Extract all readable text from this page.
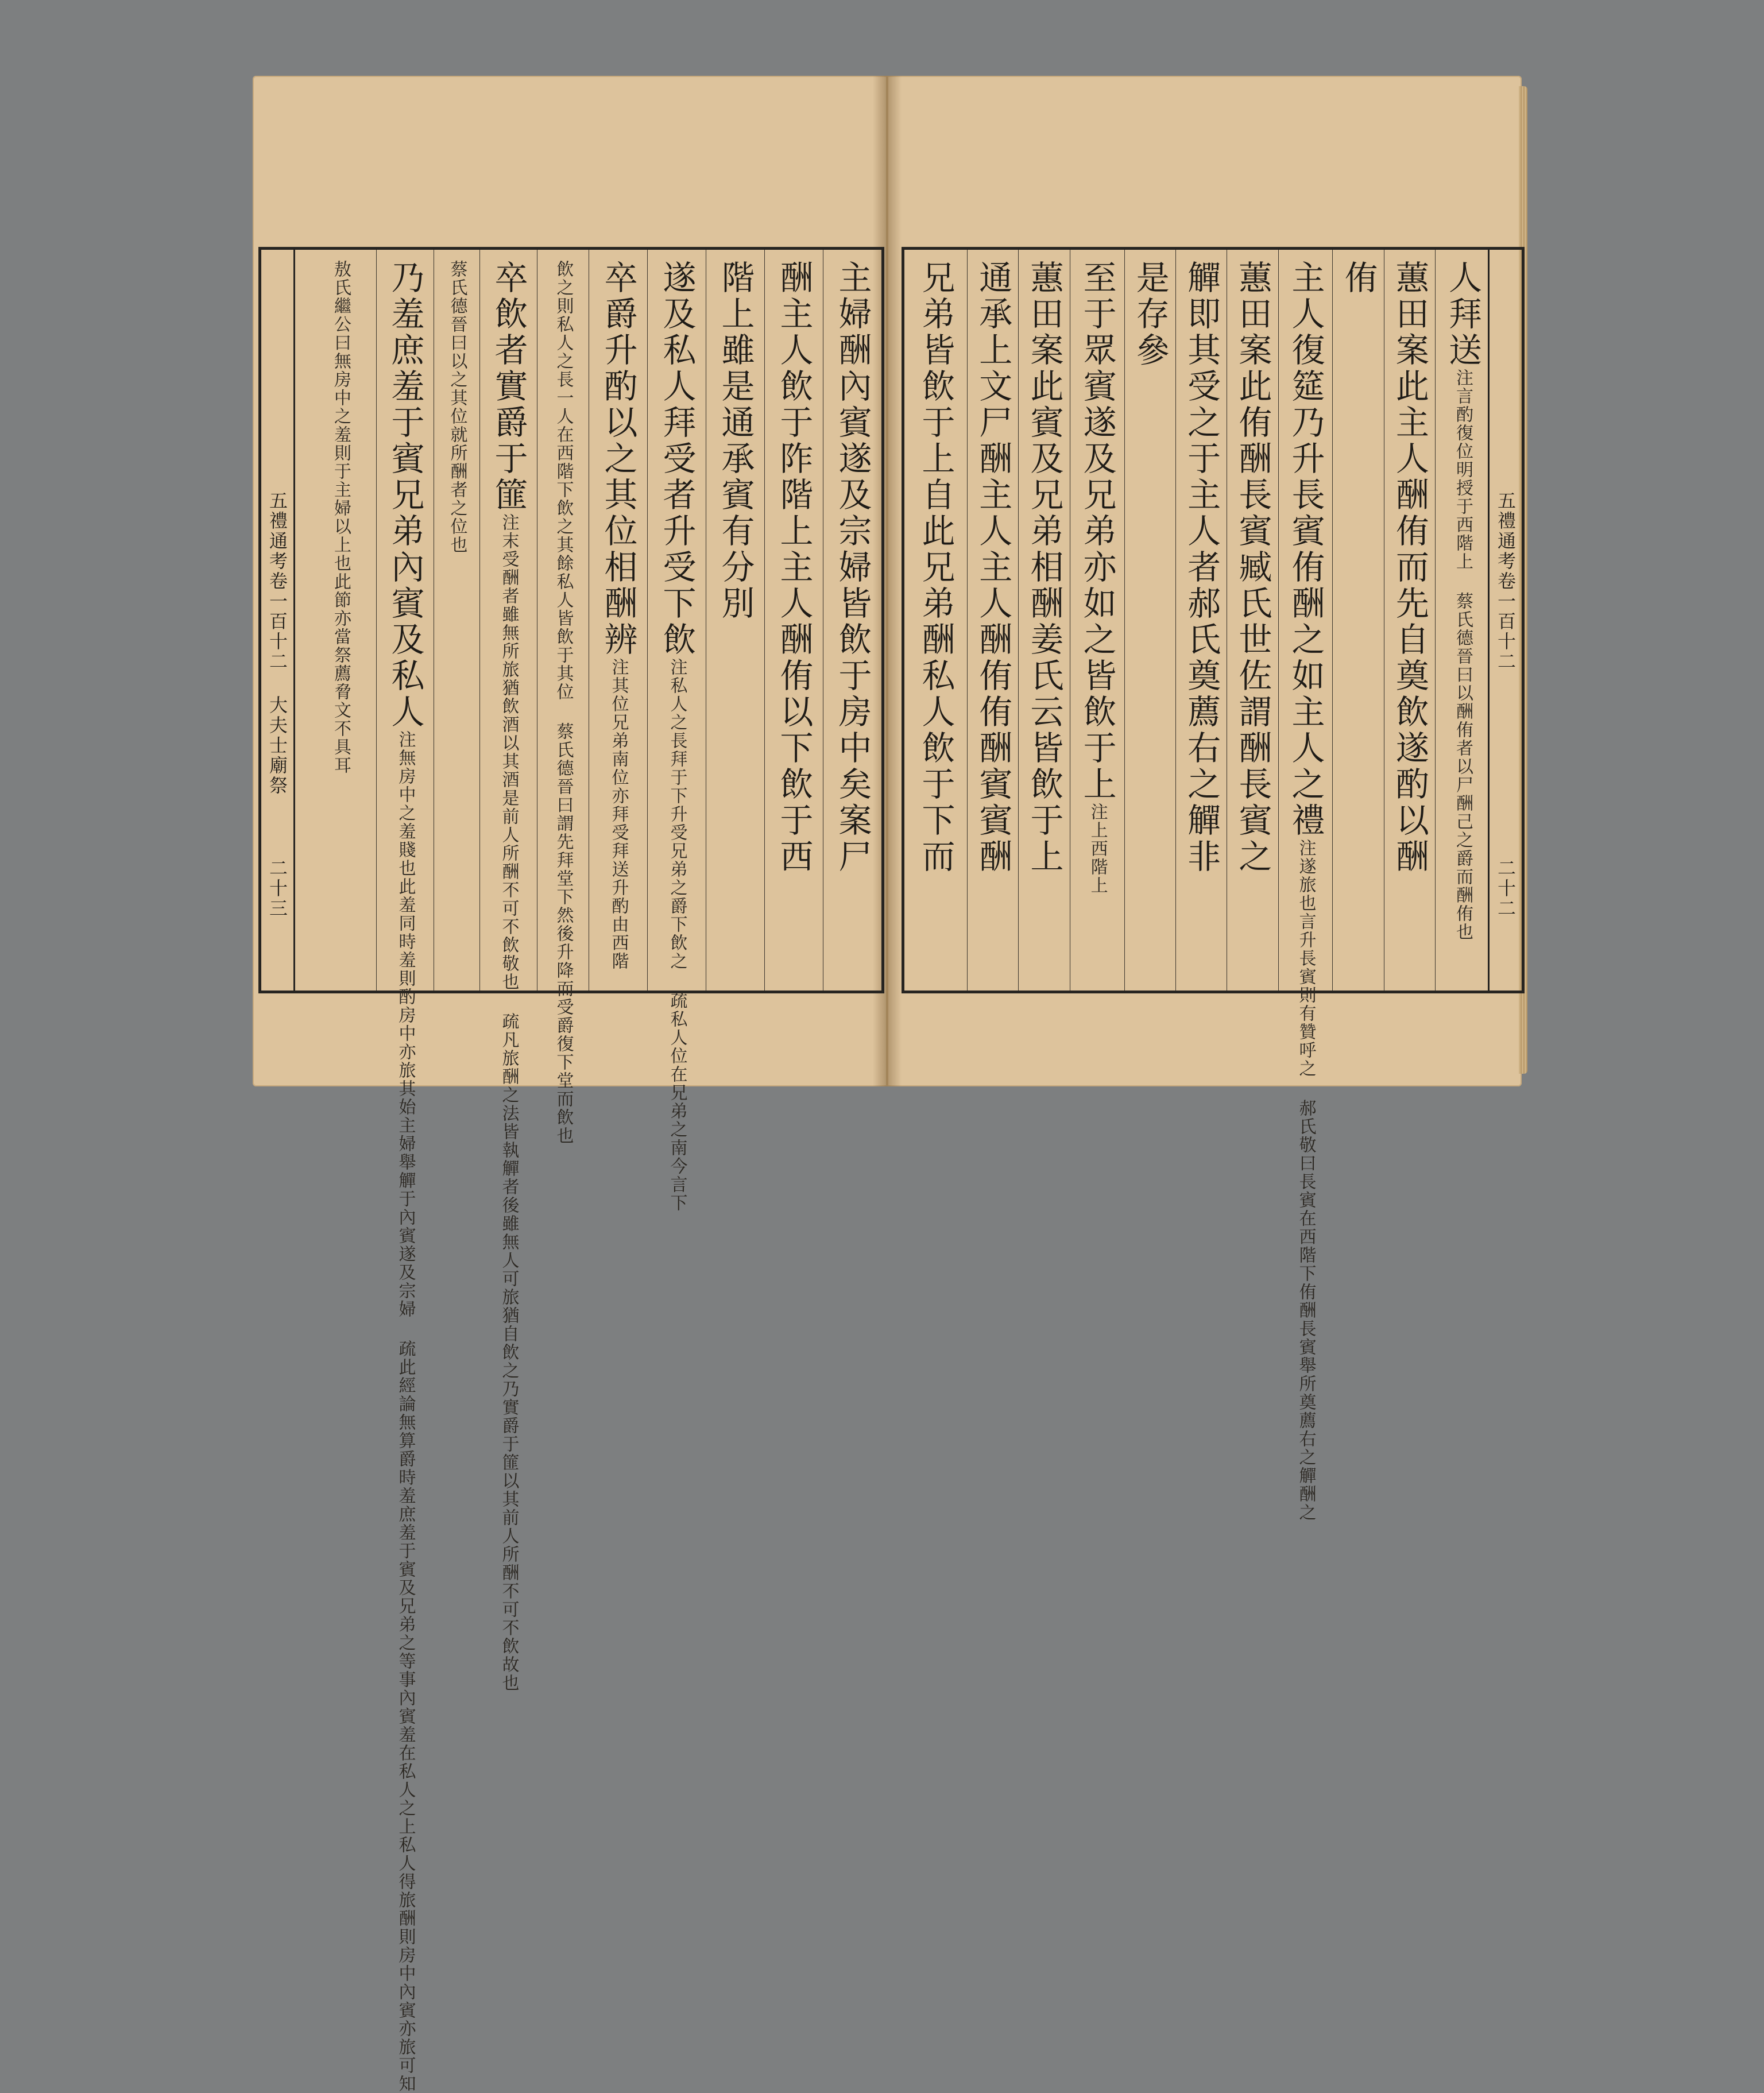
五禮通考卷一百十二 大夫士廟祭
二十三
主婦酬內賓遂及宗婦皆飲于房中矣案尸
酬主人飲于阼階上主人酬侑以下飲于西
階上雖是通承賓有分別
遂及私人拜受者升受下飲注私人之長拜于下升受兄弟之爵下飲之 疏私人位在兄弟之南今言下
卒爵升酌以之其位相酬辨注其位兄弟南位亦拜受拜送升酌由西階
飲之則私人之長一人在西階下飲之其餘私人皆飲于其位 蔡氏德晉曰謂先拜堂下然後升降而受爵復下堂而飲也
卒飲者實爵于篚注末受酬者雖無所旅猶飲酒以其酒是前人所酬不可不飲敬也 疏凡旅酬之法皆執觶者後雖無人可旅猶自飲之乃實爵于篚以其前人所酬不可不飲故也
蔡氏德晉曰以之其位就所酬者之位也
乃羞庶羞于賓兄弟內賓及私人注無房中之羞賤也此羞同時羞則酌房中亦旅其始主婦舉觶于內賓遂及宗婦 疏此經論無算爵時羞庶羞于賓及兄弟之等事內賓羞在私人之上私人得旅酬則房中內賓亦旅可知
敖氏繼公曰無房中之羞則于主婦以上也此節亦當祭薦脅文不具耳	五禮通考卷一百十二
二十二
人拜送注言酌復位明授于西階上 蔡氏德晉曰以酬侑者以尸酬己之爵而酬侑也
蕙田案此主人酬侑而先自奠飲遂酌以酬
侑
主人復筵乃升長賓侑酬之如主人之禮注遂旅也言升長賓則有贊呼之 郝氏敬曰長賓在西階下侑酬長賓舉所奠薦右之觶酬之
蕙田案此侑酬長賓臧氏世佐謂酬長賓之
觶即其受之于主人者郝氏奠薦右之觶非
是存參
至于眾賓遂及兄弟亦如之皆飲于上注上西階上
蕙田案此賓及兄弟相酬姜氏云皆飲于上
通承上文尸酬主人主人酬侑侑酬賓賓酬
兄弟皆飲于上自此兄弟酬私人飲于下而
